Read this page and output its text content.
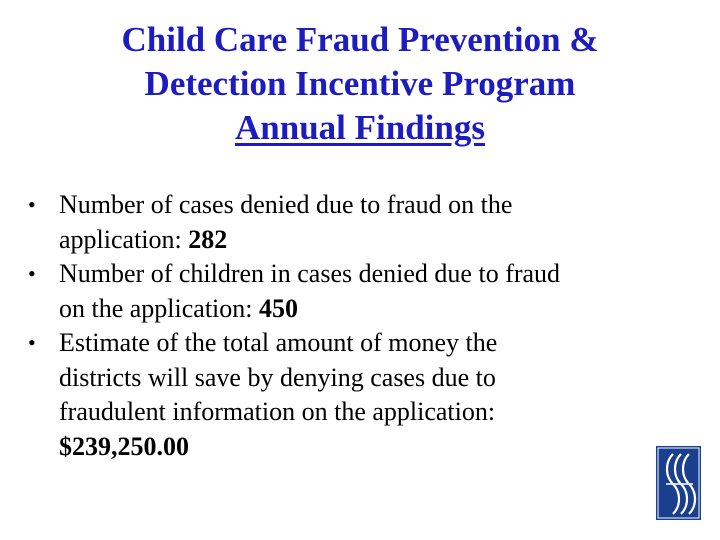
Child Care Fraud Prevention &
Detection Incentive Program
Annual Findings
• Number of cases denied due to fraud on the
application: 282
• Number of children in cases denied due to fraud
on the application: 450
• Estimate of the total amount of money the
districts will save by denying cases due to
fraudulent information on the application:
$239,250.00
